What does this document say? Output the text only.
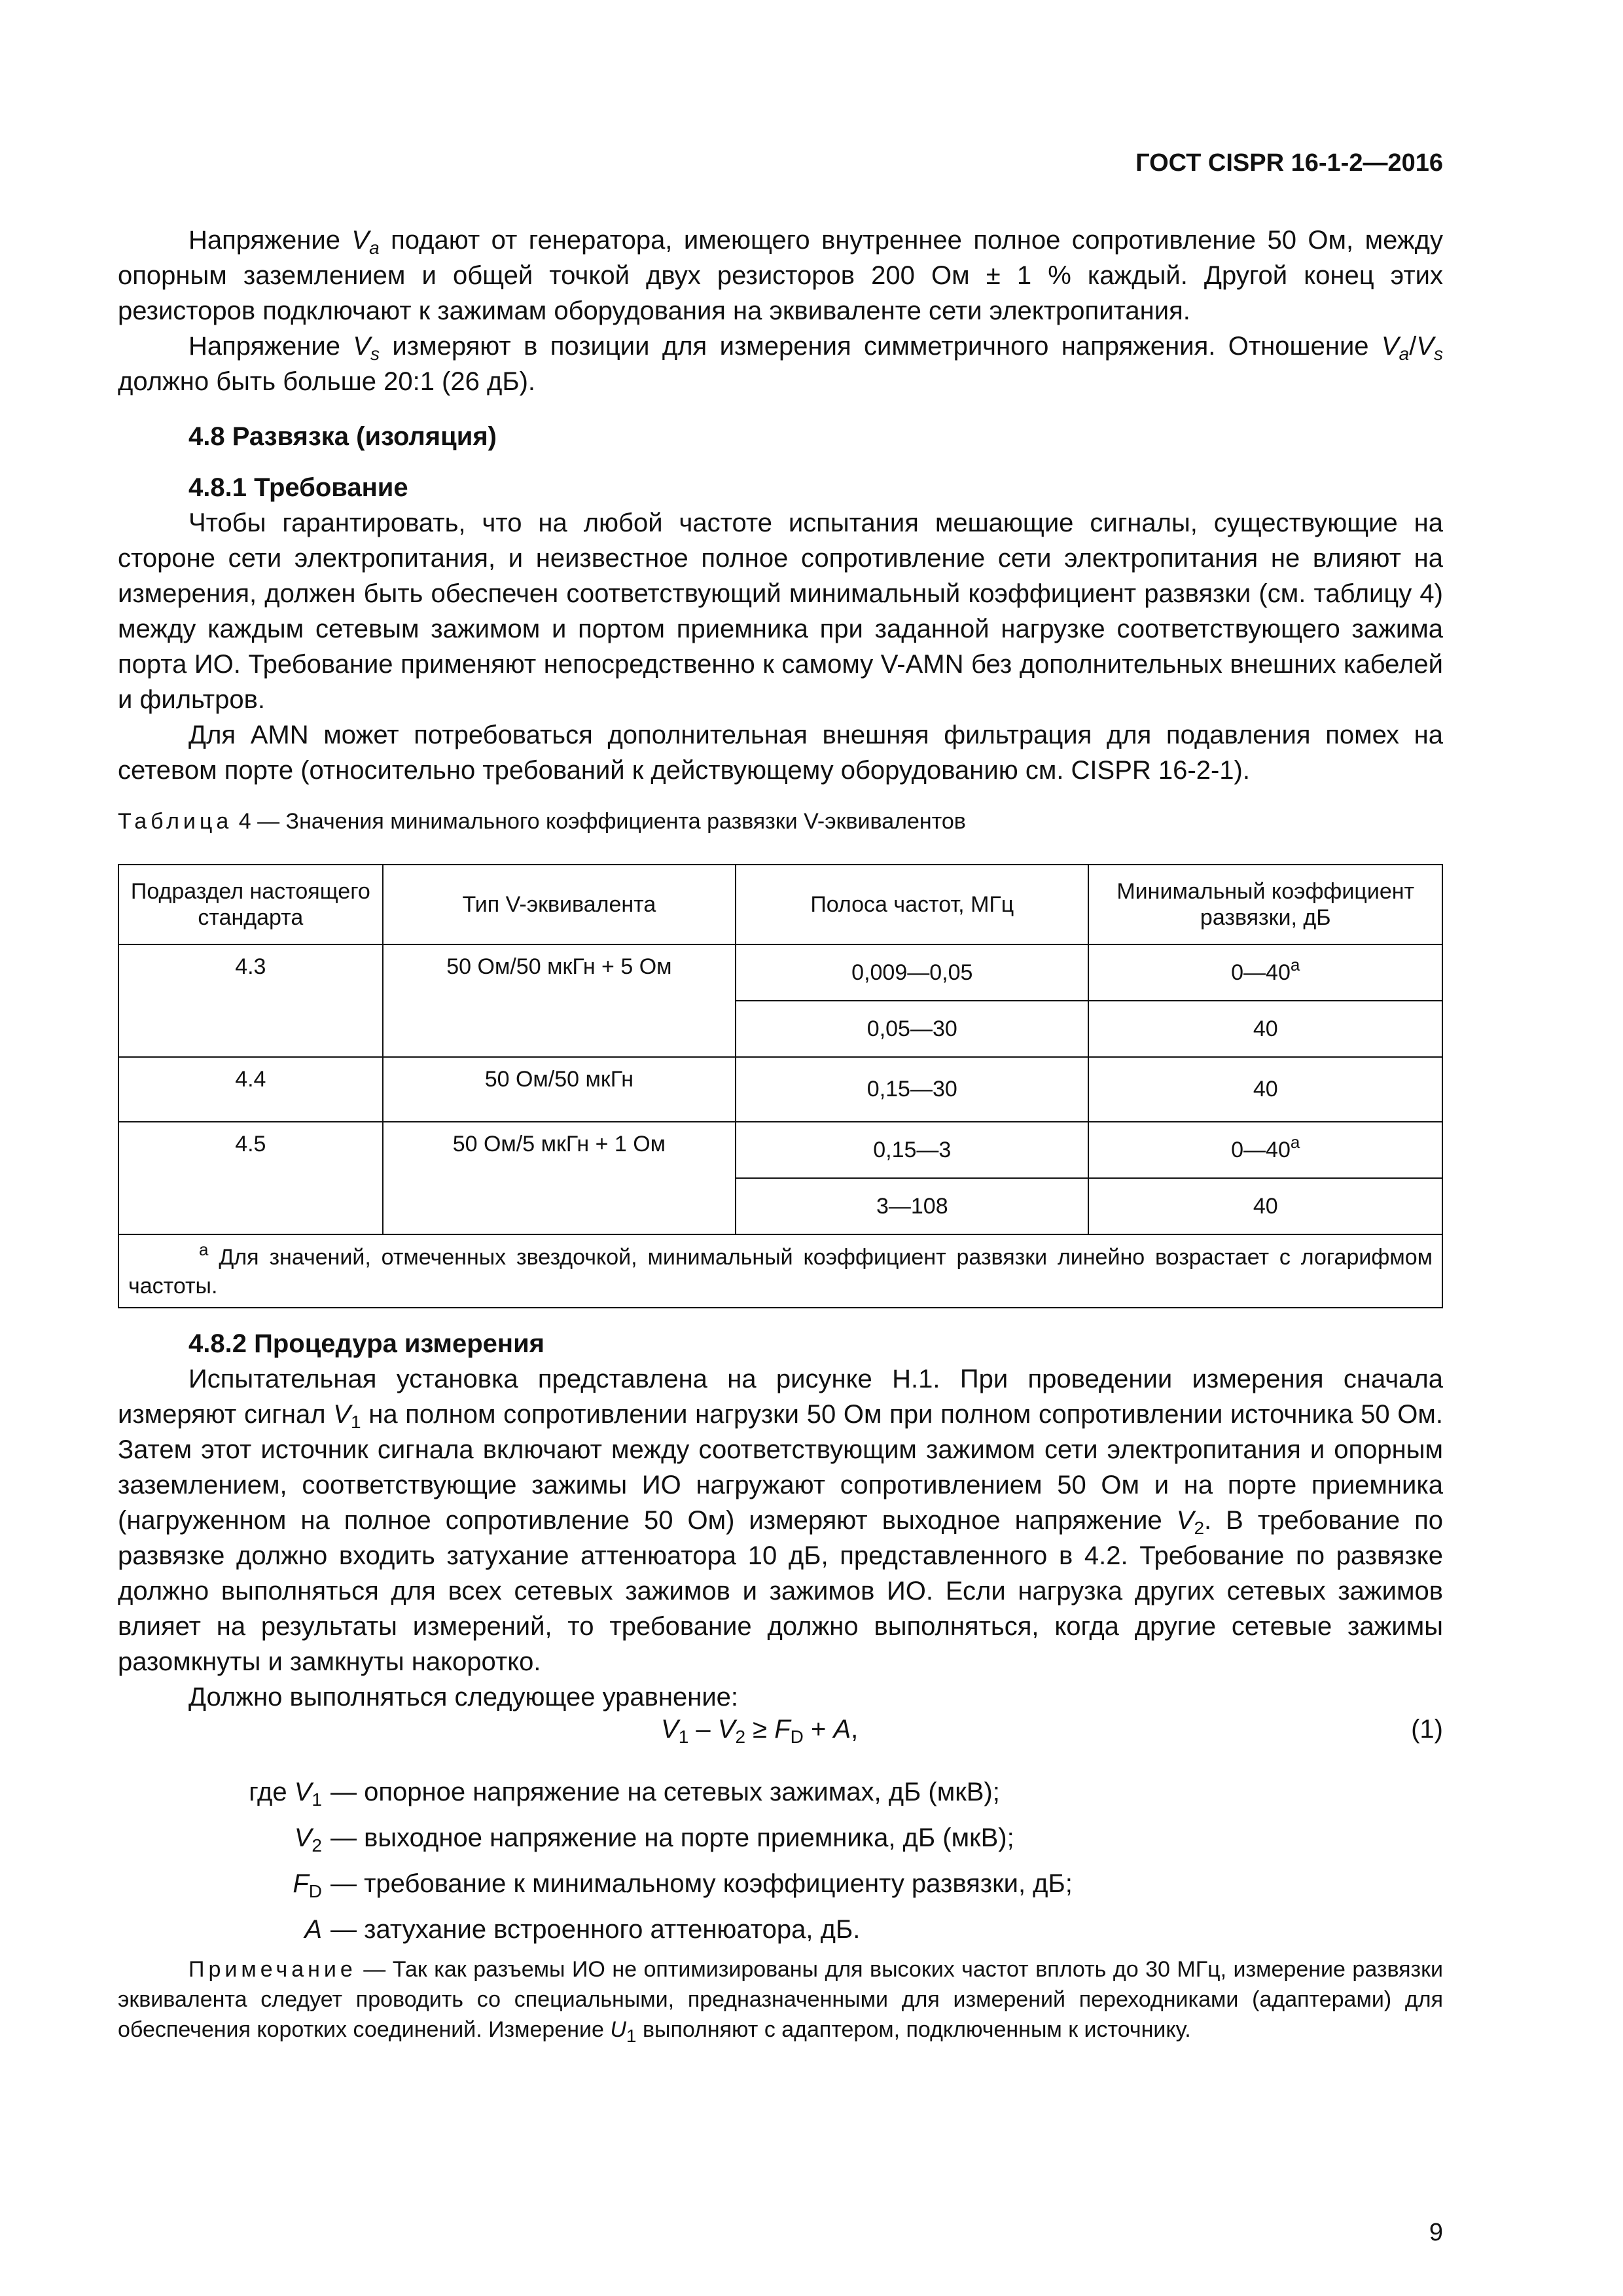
ГОСТ CISPR 16-1-2—2016

Напряжение $V_a$ подают от генератора, имеющего внутреннее полное сопротивление 50 Ом, между опорным заземлением и общей точкой двух резисторов 200 Ом ± 1 % каждый. Другой конец этих резисторов подключают к зажимам оборудования на эквиваленте сети электропитания.

Напряжение $V_s$ измеряют в позиции для измерения симметричного напряжения. Отношение $V_a/V_s$ должно быть больше 20:1 (26 дБ).

4.8 Развязка (изоляция)
4.8.1 Требование

Чтобы гарантировать, что на любой частоте испытания мешающие сигналы, существующие на стороне сети электропитания, и неизвестное полное сопротивление сети электропитания не влияют на измерения, должен быть обеспечен соответствующий минимальный коэффициент развязки (см. таблицу 4) между каждым сетевым зажимом и портом приемника при заданной нагрузке соответствующего зажима порта ИО. Требование применяют непосредственно к самому V-AMN без дополнительных внешних кабелей и фильтров.

Для AMN может потребоваться дополнительная внешняя фильтрация для подавления помех на сетевом порте (относительно требований к действующему оборудованию см. CISPR 16-2-1).

Таблица 4 — Значения минимального коэффициента развязки V-эквивалентов
Подраздел настоящего стандарта	Тип V-эквивалента	Полоса частот, МГц	Минимальный коэффициент развязки, дБ
4.3	50 Ом/50 мкГн + 5 Ом	0,009—0,05	$0—40^а$
		0,05—30	40
4.4	50 Ом/50 мкГн	0,15—30	40
4.5	50 Ом/5 мкГн + 1 Ом	0,15—3	$0—40^а$
		3—108	40
$^а$ Для значений, отмеченных звездочкой, минимальный коэффициент развязки линейно возрастает с логарифмом частоты.			
4.8.2 Процедура измерения

Испытательная установка представлена на рисунке H.1. При проведении измерения сначала измеряют сигнал $V_1$ на полном сопротивлении нагрузки 50 Ом при полном сопротивлении источника 50 Ом. Затем этот источник сигнала включают между соответствующим зажимом сети электропитания и опорным заземлением, соответствующие зажимы ИО нагружают сопротивлением 50 Ом и на порте приемника (нагруженном на полное сопротивление 50 Ом) измеряют выходное напряжение $V_2$. В требование по развязке должно входить затухание аттенюатора 10 дБ, представленного в 4.2. Требование по развязке должно выполняться для всех сетевых зажимов и зажимов ИО. Если нагрузка других сетевых зажимов влияет на результаты измерений, то требование должно выполняться, когда другие сетевые зажимы разомкнуты и замкнуты накоротко.

Должно выполняться следующее уравнение:

$V_1 - V_2 \ge F_D + A$,	(1)
где $V_1$ — опорное напряжение на сетевых зажимах, дБ (мкВ);
$V_2$ — выходное напряжение на порте приемника, дБ (мкВ);
$F_D$ — требование к минимальному коэффициенту развязки, дБ;
A — затухание встроенного аттенюатора, дБ.

Примечание — Так как разъемы ИО не оптимизированы для высоких частот вплоть до 30 МГц, измерение развязки эквивалента следует проводить со специальными, предназначенными для измерений переходниками (адаптерами) для обеспечения коротких соединений. Измерение $U_1$ выполняют с адаптером, подключенным к источнику.

9
